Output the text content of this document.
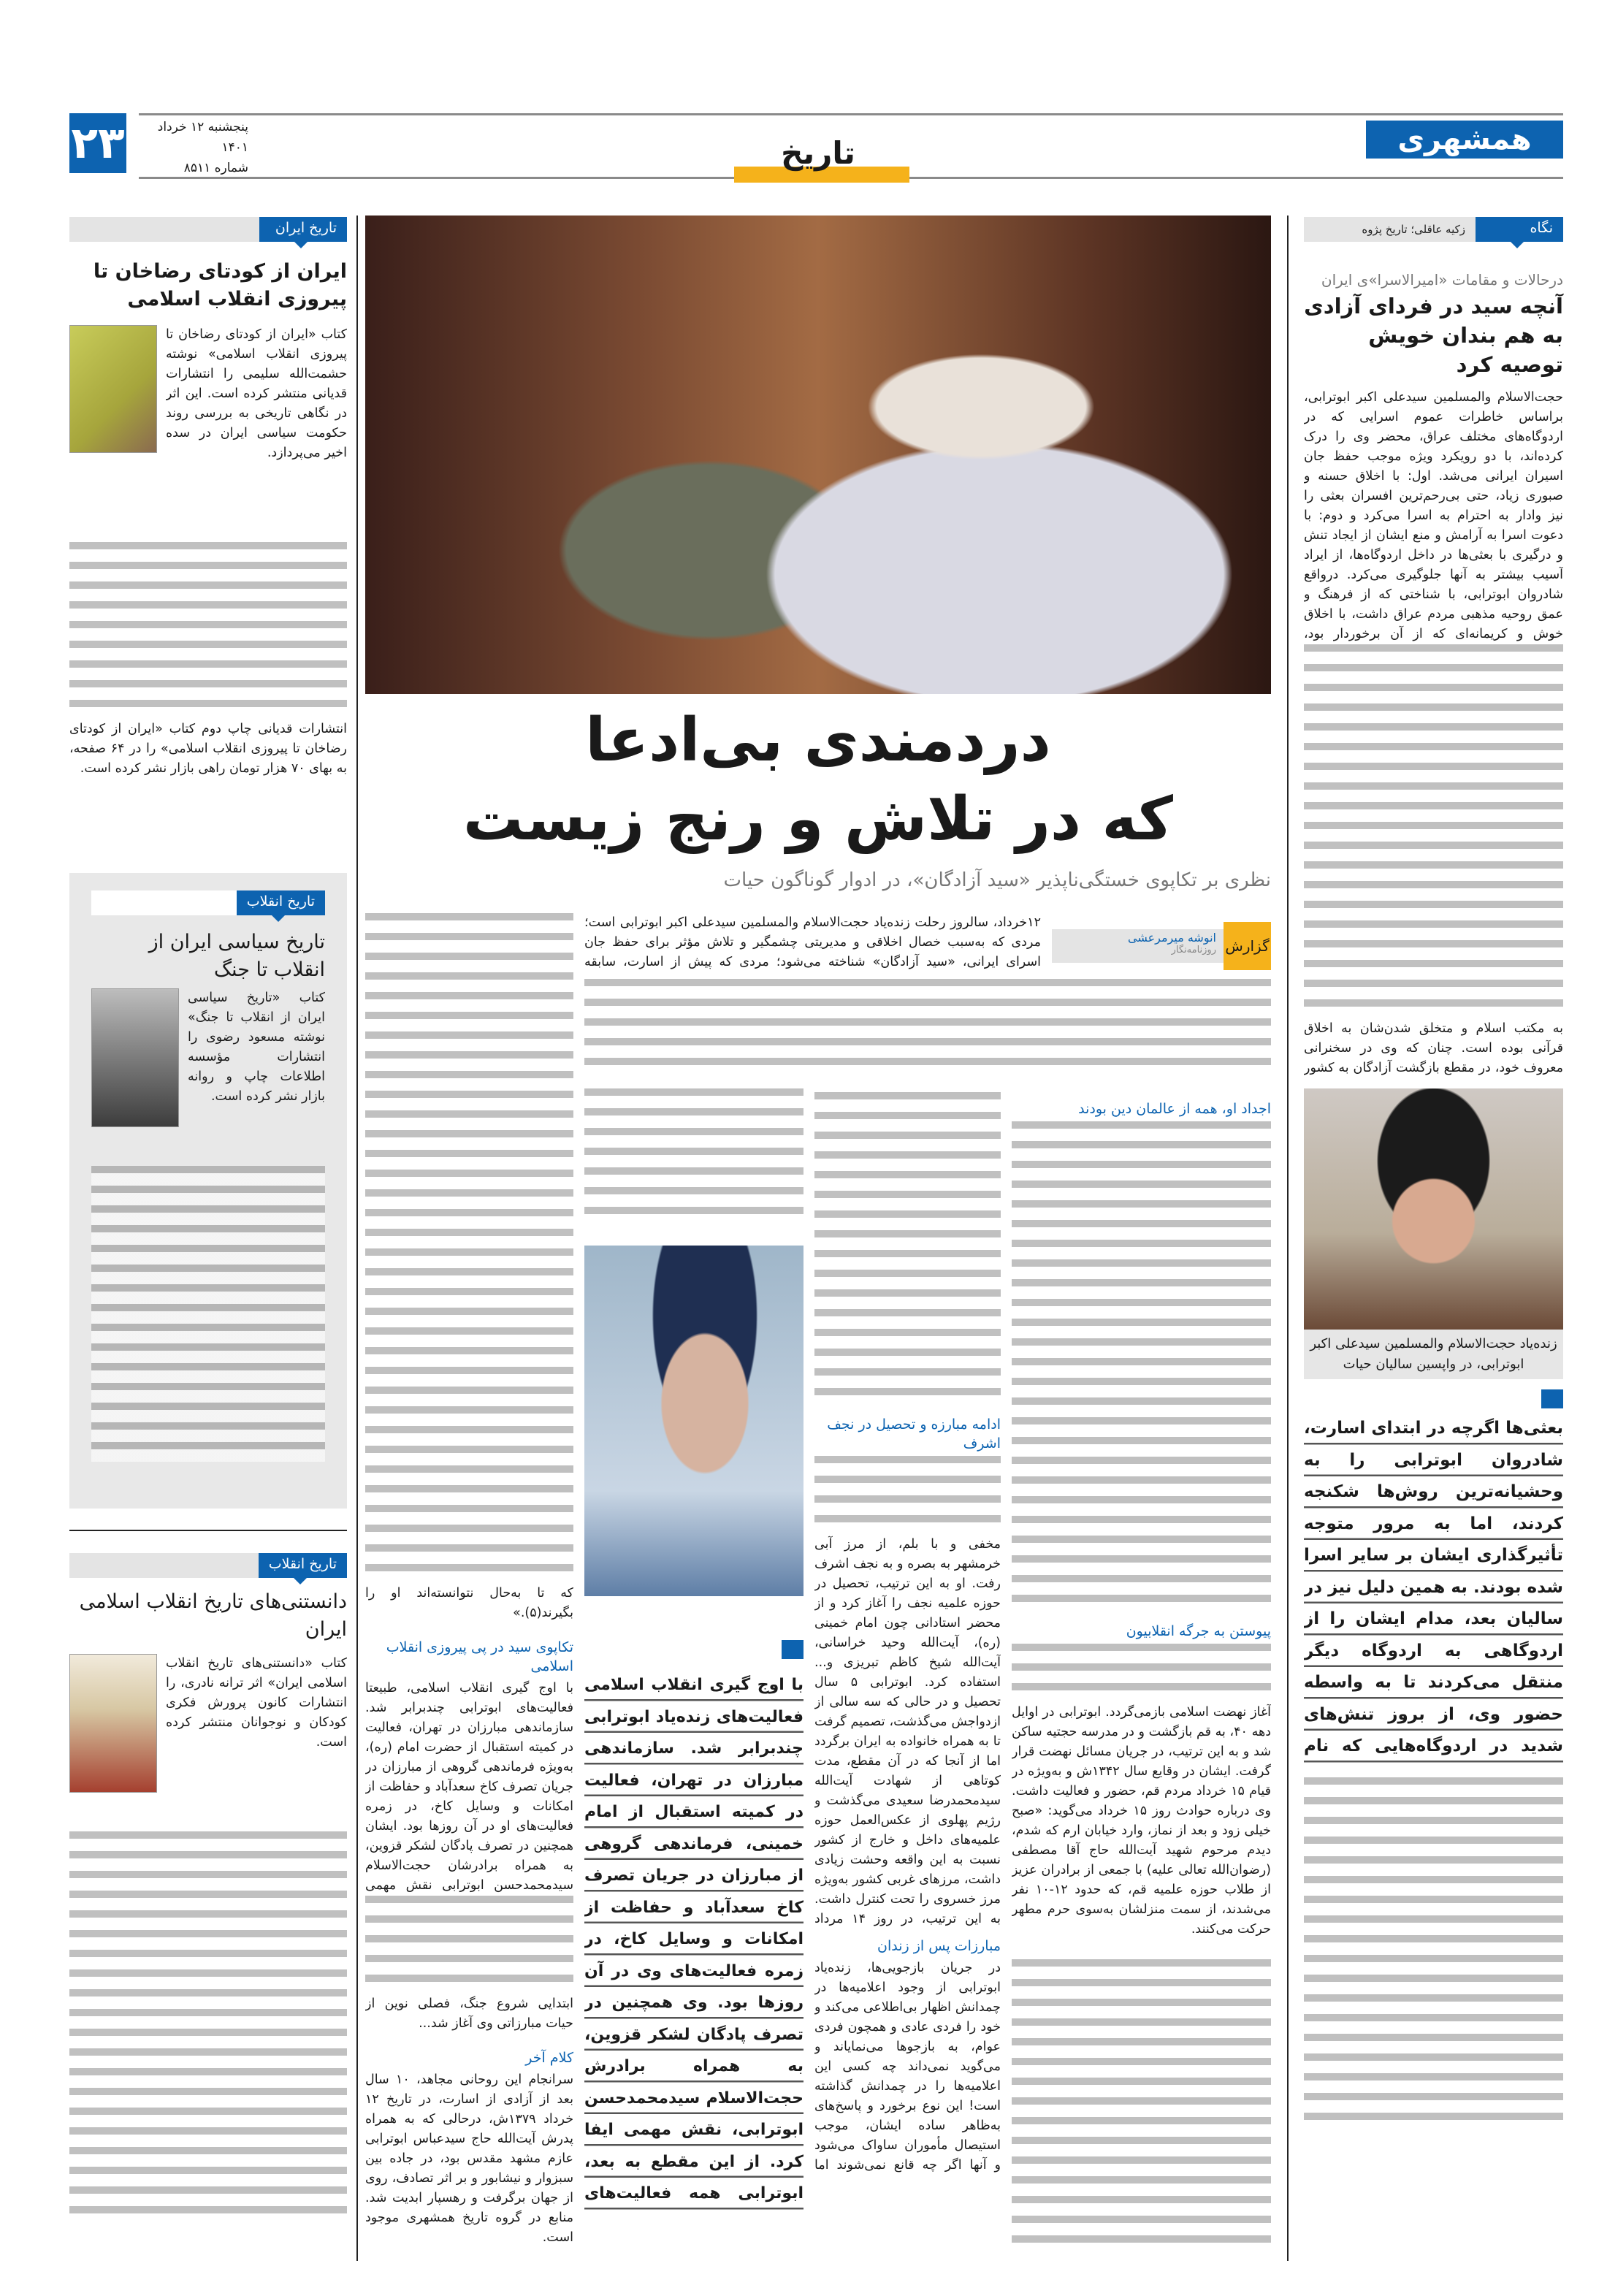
۲۳	پنجشنبه ۱۲ خرداد ۱۴۰۱
شماره ۸۵۱۱	تاریخ	همشهری
نگاه
زکیه عاقلی؛ تاریخ پژوه
درحالات و مقامات «امیرالاسرا»ی ایران
آنچه سید در فردای آزادی به هم بندان خویش توصیه کرد
حجت‌الاسلام والمسلمین سیدعلی اکبر ابوترابی، براساس خاطرات عموم اسرایی که در اردوگاه‌های مختلف عراق، محضر وی را درک کرده‌اند، با دو رویکرد ویژه موجب حفظ جان اسیران ایرانی می‌شد. اول: با اخلاق حسنه و صبوری زیاد، حتی بی‌رحم‌ترین افسران بعثی را نیز وادار به احترام به اسرا می‌کرد و دوم: با دعوت اسرا به آرامش و منع ایشان از ایجاد تنش و درگیری با بعثی‌ها در داخل اردوگاه‌ها، از ایراد آسیب بیشتر به آنها جلوگیری می‌کرد. درواقع شادروان ابوترابی، با شناختی که از فرهنگ و عمق روحیه مذهبی مردم عراق داشت، با اخلاق خوش و کریمانه‌ای که از آن برخوردار بود،
به مکتب اسلام و متخلق شدن‌شان به اخلاق قرآنی بوده است. چنان که وی در سخنرانی معروف خود، در مقطع بازگشت آزادگان به کشور
زنده‌یاد حجت‌الاسلام والمسلمین سیدعلی اکبر ابوترابی، در واپسین سالیان حیات
بعثی‌ها اگرچه در ابتدای اسارت، شادروان ابوترابی را به وحشیانه‌ترین روش‌ها شکنجه کردند، اما به مرور متوجه تأثیرگذاری ایشان بر سایر اسرا شده بودند. به همین دلیل نیز در سالیان بعد، مدام ایشان را از اردوگاهی به اردوگاه دیگر منتقل می‌کردند تا به واسطه حضور وی، از بروز تنش‌های شدید در اردوگاه‌هایی که نام
دردمندی بی‌ادعا
که در تلاش و رنج زیست
نظری بر تکاپوی خستگی‌ناپذیر «سید آزادگان»، در ادوار گوناگون حیات
گزارش
انوشه میرمرعشی
روزنامه‌نگار
۱۲خرداد، سالروز رحلت زنده‌یاد حجت‌الاسلام والمسلمین سیدعلی اکبر ابوترابی است؛ مردی که به‌سبب خصال اخلاقی و مدیریتی چشمگیر و تلاش مؤثر برای حفظ جان اسرای ایرانی، «سید آزادگان» شناخته می‌شود؛ مردی که پیش از اسارت، سابقه
اجداد او، همه از عالمان دین بودند
پیوستن به جرگه انقلابیون
آغاز نهضت اسلامی بازمی‌گردد. ابوترابی در اوایل دهه ۴۰، به قم بازگشت و در مدرسه حجتیه ساکن شد و به این ترتیب، در جریان مسائل نهضت قرار گرفت. ایشان در وقایع سال ۱۳۴۲ش و به‌ویژه در قیام ۱۵ خرداد مردم قم، حضور و فعالیت داشت. وی درباره حوادث روز ۱۵ خرداد می‌گوید: «صبح خیلی زود و بعد از نماز، وارد خیابان ارم که شدم، دیدم مرحوم شهید آیت‌الله حاج آقا مصطفی (رضوان‌الله تعالی علیه) با جمعی از برادران عزیز از طلاب حوزه علمیه قم، که حدود ۱۲-۱۰ نفر می‌شدند، از سمت منزلشان به‌سوی حرم مطهر حرکت می‌کنند.
ادامه مبارزه و تحصیل در نجف اشرف
مخفی و با بلم، از مرز آبی خرمشهر به بصره و به نجف اشرف رفت. او به این ترتیب، تحصیل در حوزه علمیه نجف را آغاز کرد و از محضر استادانی چون امام خمینی (ره)، آیت‌الله وحید خراسانی، آیت‌الله شیخ کاظم تبریزی و... استفاده کرد. ابوترابی ۵ سال تحصیل و در حالی که سه سالی از ازدواجش می‌گذشت، تصمیم گرفت تا به همراه خانواده به ایران برگردد اما از آنجا که در آن مقطع، مدت کوتاهی از شهادت آیت‌الله سیدمحمدرضا سعیدی می‌گذشت و رژیم پهلوی از عکس‌العمل حوزه علمیه‌های داخل و خارج از کشور نسبت به این واقعه وحشت زیادی داشت، مرزهای غربی کشور به‌ویژه مرز خسروی را تحت کنترل داشت. به این ترتیب، در روز ۱۴ مرداد
مبارزات پس از زندان
در جریان بازجویی‌ها، زنده‌یاد ابوترابی از وجود اعلامیه‌ها در چمدانش اظهار بی‌اطلاعی می‌کند و خود را فردی عادی و همچون فردی عوام، به بازجوها می‌نمایاند و می‌گوید نمی‌داند چه کسی این اعلامیه‌ها را در چمدانش گذاشته است! این نوع برخورد و پاسخ‌های به‌ظاهر ساده ایشان، موجب استیصال مأموران ساواک می‌شود و آنها اگر چه قانع نمی‌شوند اما
با اوج گیری انقلاب اسلامی فعالیت‌های زنده‌یاد ابوترابی چندبرابر شد. سازماندهی مبارزان در تهران، فعالیت در کمیته استقبال از امام خمینی، فرماندهی گروهی از مبارزان در جریان تصرف کاخ سعدآباد و حفاظت از امکانات و وسایل کاخ، در زمره فعالیت‌های وی در آن روزها بود. وی همچنین در تصرف پادگان لشکر قزوین، به همراه برادرش حجت‌الاسلام سیدمحمدحسن ابوترابی، نقش مهمی ایفا کرد. از این مقطع به بعد، ابوترابی همه فعالیت‌های
که تا به‌حال نتوانسته‌اند او را بگیرند(۵).»
تکاپوی سید در پی پیروزی انقلاب اسلامی
با اوج گیری انقلاب اسلامی، طبیعتا فعالیت‌های ابوترابی چندبرابر شد. سازماندهی مبارزان در تهران، فعالیت در کمیته استقبال از حضرت امام (ره)، به‌ویژه فرماندهی گروهی از مبارزان در جریان تصرف کاخ سعدآباد و حفاظت از امکانات و وسایل کاخ، در زمره فعالیت‌های او در آن روزها بود. ایشان همچنین در تصرف پادگان لشکر قزوین، به همراه برادرشان حجت‌الاسلام سیدمحمدحسن ابوترابی نقش مهمی
ابتدایی شروع جنگ، فصلی نوین از حیات مبارزاتی وی آغاز شد...
کلام آخر
سرانجام این روحانی مجاهد، ۱۰ سال بعد از آزادی از اسارت، در تاریخ ۱۲ خرداد ۱۳۷۹ش، درحالی که به همراه پدرش آیت‌الله حاج سیدعباس ابوترابی عازم مشهد مقدس بود، در جاده بین سبزوار و نیشابور و بر اثر تصادف، روی از جهان برگرفت و رهسپار ابدیت شد.
منابع در گروه تاریخ همشهری موجود است.
تاریخ ایران
ایران از کودتای رضاخان تا پیروزی انقلاب اسلامی
کتاب «ایران از کودتای رضاخان تا پیروزی انقلاب اسلامی» نوشته حشمت‌الله سلیمی را انتشارات قدیانی منتشر کرده است. این اثر در نگاهی تاریخی به بررسی روند حکومت سیاسی ایران در سده اخیر می‌پردازد.
انتشارات قدیانی چاپ دوم کتاب «ایران از کودتای رضاخان تا پیروزی انقلاب اسلامی» را در ۶۴ صفحه، به بهای ۷۰ هزار تومان راهی بازار نشر کرده است.
تاریخ انقلاب
تاریخ سیاسی ایران از انقلاب تا جنگ
کتاب «تاریخ سیاسی ایران از انقلاب تا جنگ» نوشته مسعود رضوی را انتشارات مؤسسه اطلاعات چاپ و روانه بازار نشر کرده است.
تاریخ انقلاب
دانستنی‌های تاریخ انقلاب اسلامی ایران
کتاب «دانستنی‌های تاریخ انقلاب اسلامی ایران» اثر ترانه نادری، را انتشارات کانون پرورش فکری کودکان و نوجوانان منتشر کرده است.
